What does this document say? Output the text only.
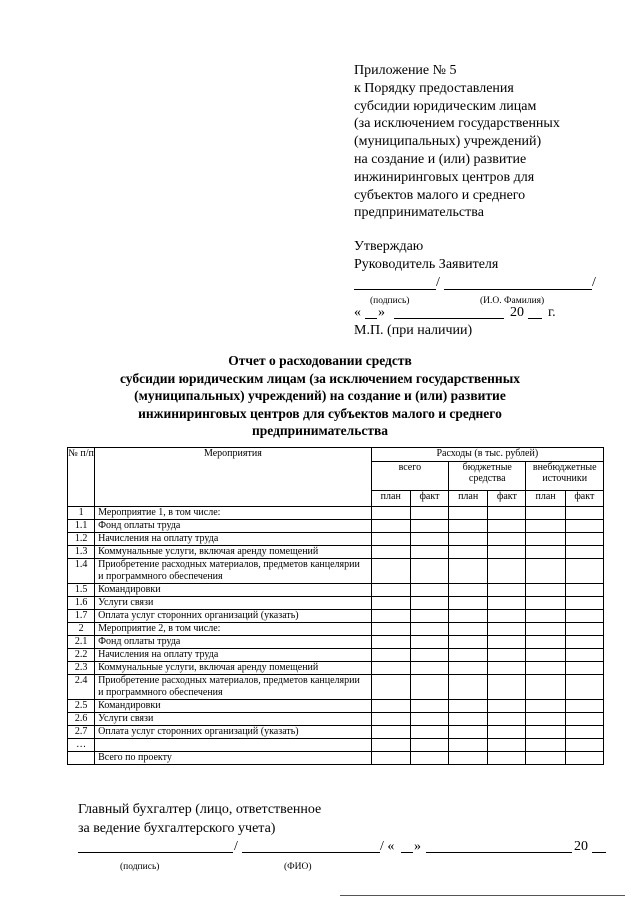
Приложение № 5
к Порядку предоставления
субсидии юридическим лицам
(за исключением государственных
(муниципальных) учреждений)
на создание и (или) развитие
инжиниринговых центров для
субъектов малого и среднего
предпринимательства
Утверждаю
Руководитель Заявителя
/	/
(подпись)	(И.О. Фамилия)
« »	20 г.
М.П. (при наличии)
Отчет о расходовании средств
субсидии юридическим лицам (за исключением государственных
(муниципальных) учреждений) на создание и (или) развитие
инжиниринговых центров для субъектов малого и среднего
предпринимательства
№ п/п	Мероприятия	Расходы (в тыс. рублей)					
		всего		бюджетные средства		внебюджетные источники	
		план	факт	план	факт	план	факт
1	Мероприятие 1, в том числе:						
1.1	Фонд оплаты труда						
1.2	Начисления на оплату труда						
1.3	Коммунальные услуги, включая аренду помещений						
1.4	Приобретение расходных материалов, предметов канцелярии и программного обеспечения						
1.5	Командировки						
1.6	Услуги связи						
1.7	Оплата услуг сторонних организаций (указать)						
2	Мероприятие 2, в том числе:						
2.1	Фонд оплаты труда						
2.2	Начисления на оплату труда						
2.3	Коммунальные услуги, включая аренду помещений						
2.4	Приобретение расходных материалов, предметов канцелярии и программного обеспечения						
2.5	Командировки						
2.6	Услуги связи						
2.7	Оплата услуг сторонних организаций (указать)						
…							
	Всего по проекту						
Главный бухгалтер (лицо, ответственное
за ведение бухгалтерского учета)
/	/ « »	20
(подпись)	(ФИО)
